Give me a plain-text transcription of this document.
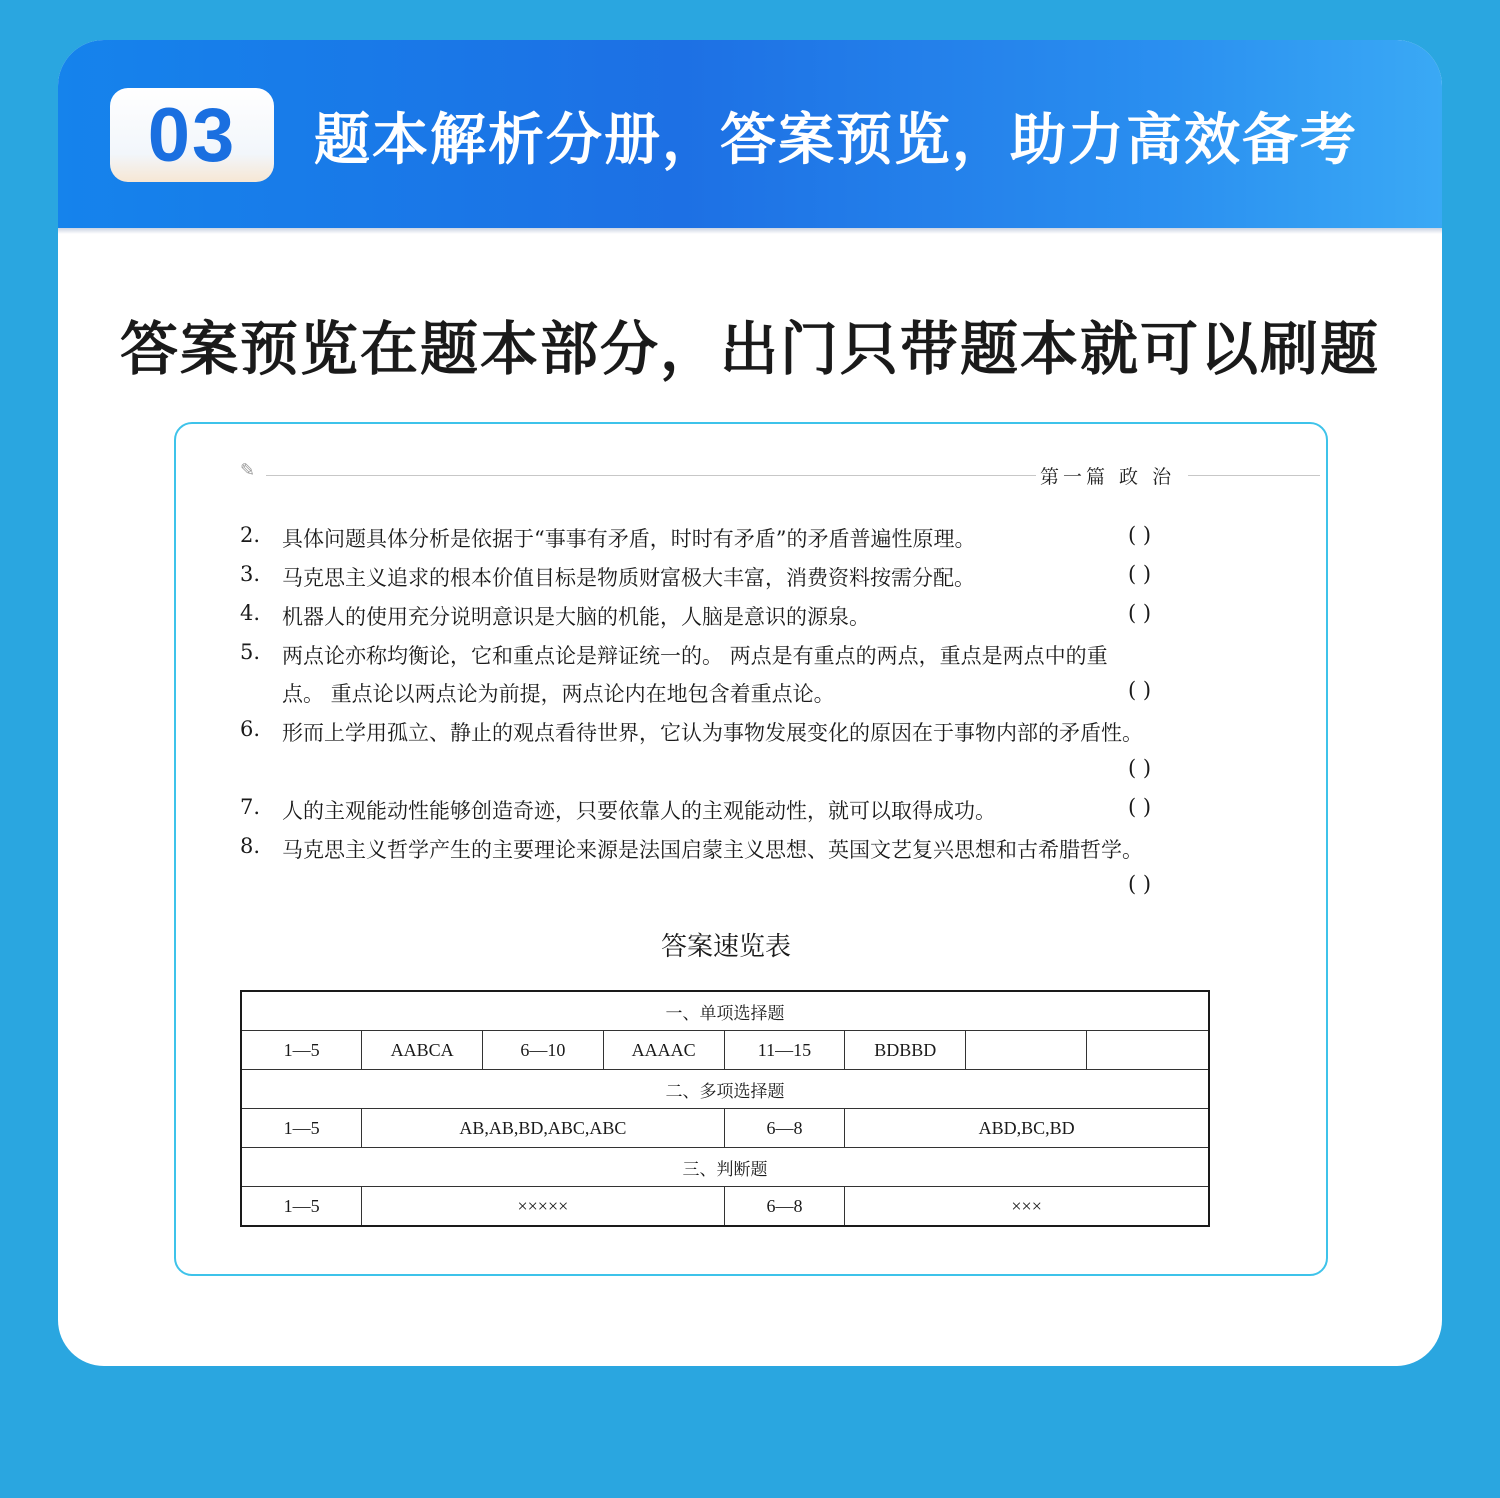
03	题本解析分册，答案预览，助力高效备考
答案预览在题本部分，出门只带题本就可以刷题
✎	第一篇 政 治
2. 具体问题具体分析是依据于“事事有矛盾，时时有矛盾”的矛盾普遍性原理。	( )
3. 马克思主义追求的根本价值目标是物质财富极大丰富，消费资料按需分配。	( )
4. 机器人的使用充分说明意识是大脑的机能，人脑是意识的源泉。	( )
5. 两点论亦称均衡论，它和重点论是辩证统一的。 两点是有重点的两点，重点是两点中的重
点。 重点论以两点论为前提，两点论内在地包含着重点论。	( )
6. 形而上学用孤立、静止的观点看待世界，它认为事物发展变化的原因在于事物内部的矛盾性。
( )
7. 人的主观能动性能够创造奇迹，只要依靠人的主观能动性，就可以取得成功。	( )
8. 马克思主义哲学产生的主要理论来源是法国启蒙主义思想、英国文艺复兴思想和古希腊哲学。
( )
答案速览表
一、单项选择题							
1—5	AABCA	6—10	AAAAC	11—15	BDBBD		
二、多项选择题							
1—5	AB,AB,BD,ABC,ABC			6—8	ABD,BC,BD		
三、判断题							
1—5	×××××			6—8	×××		
